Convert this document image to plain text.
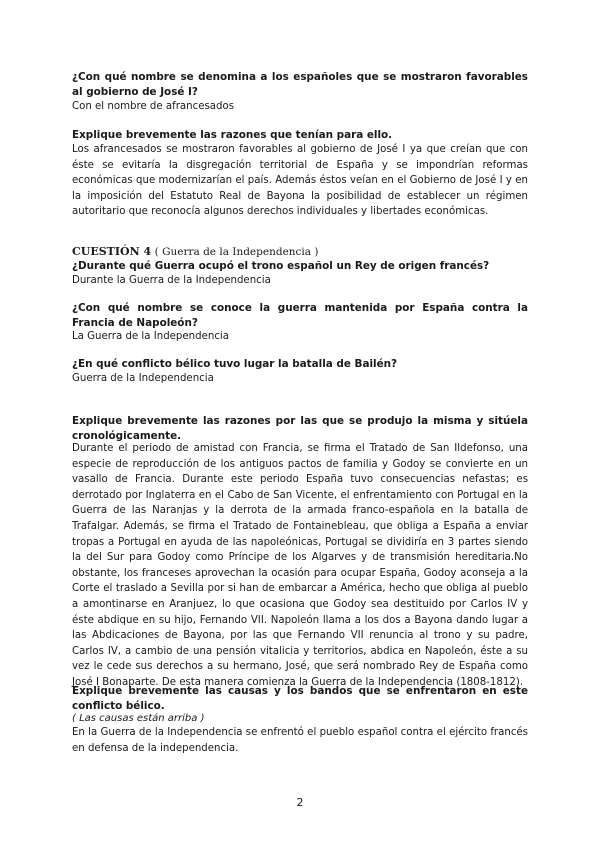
¿Con qué nombre se denomina a los españoles que se mostraron favorables al gobierno de José I?

Con el nombre de afrancesados

Explique brevemente las razones que tenían para ello.

Los afrancesados se mostraron favorables al gobierno de José I ya que creían que con éste se evitaría la disgregación territorial de España y se impondrían reformas económicas que modernizarían el país. Además éstos veían en el Gobierno de José I y en la imposición del Estatuto Real de Bayona la posibilidad de establecer un régimen autoritario que reconocía algunos derechos individuales y libertades económicas.

CUESTIÓN 4 ( Guerra de la Independencia )

¿Durante qué Guerra ocupó el trono español un Rey de origen francés?

Durante la Guerra de la Independencia

¿Con qué nombre se conoce la guerra mantenida por España contra la Francia de Napoleón?

La Guerra de la Independencia

¿En qué conflicto bélico tuvo lugar la batalla de Bailén?

Guerra de la Independencia

Explique brevemente las razones por las que se produjo la misma y sitúela cronológicamente.

Durante el periodo de amistad con Francia, se firma el Tratado de San Ildefonso, una especie de reproducción de los antiguos pactos de familia y Godoy se convierte en un vasallo de Francia. Durante este periodo España tuvo consecuencias nefastas; es derrotado por Inglaterra en el Cabo de San Vicente, el enfrentamiento con Portugal en la Guerra de las Naranjas y la derrota de la armada franco-española en la batalla de Trafalgar. Además, se firma el Tratado de Fontainebleau, que obliga a España a enviar tropas a Portugal en ayuda de las napoleónicas, Portugal se dividiría en 3 partes siendo la del Sur para Godoy como Príncipe de los Algarves y de transmisión hereditaria.No obstante, los franceses aprovechan la ocasión para ocupar España, Godoy aconseja a la Corte el traslado a Sevilla por si han de embarcar a América, hecho que obliga al pueblo a amontinarse en Aranjuez, lo que ocasiona que Godoy sea destituido por Carlos IV y éste abdique en su hijo, Fernando VII. Napoleón llama a los dos a Bayona dando lugar a las Abdicaciones de Bayona, por las que Fernando VII renuncia al trono y su padre, Carlos IV, a cambio de una pensión vitalicia y territorios, abdica en Napoleón, éste a su vez le cede sus derechos a su hermano, José, que será nombrado Rey de España como José I Bonaparte. De esta manera comienza la Guerra de la Independencia (1808-1812).

Explique brevemente las causas y los bandos que se enfrentaron en este conflicto bélico.

( Las causas están arriba )

En la Guerra de la Independencia se enfrentó el pueblo español contra el ejército francés en defensa de la independencia.

2
